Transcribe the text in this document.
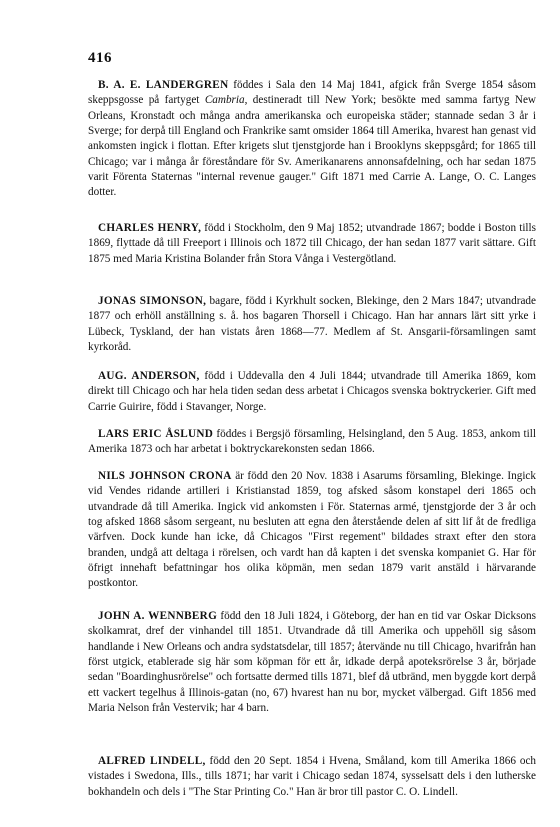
416

B. A. E. LANDERGREN föddes i Sala den 14 Maj 1841, afgick från Sverge 1854 såsom skeppsgosse på fartyget Cambria, destineradt till New York; besökte med samma fartyg New Orleans, Kronstadt och många andra amerikanska och europeiska städer; stannade sedan 3 år i Sverge; for derpå till England och Frankrike samt omsider 1864 till Amerika, hvarest han genast vid ankomsten ingick i flottan. Efter krigets slut tjenstgjorde han i Brooklyns skeppsgård; for 1865 till Chicago; var i många år föreståndare för Sv. Amerikanarens annonsafdelning, och har sedan 1875 varit Förenta Staternas "internal revenue gauger." Gift 1871 med Carrie A. Lange, O. C. Langes dotter.

CHARLES HENRY, född i Stockholm, den 9 Maj 1852; utvandrade 1867; bodde i Boston tills 1869, flyttade då till Freeport i Illinois och 1872 till Chicago, der han sedan 1877 varit sättare. Gift 1875 med Maria Kristina Bolander från Stora Vånga i Vestergötland.

JONAS SIMONSON, bagare, född i Kyrkhult socken, Blekinge, den 2 Mars 1847; utvandrade 1877 och erhöll anställning s. å. hos bagaren Thorsell i Chicago. Han har annars lärt sitt yrke i Lübeck, Tyskland, der han vistats åren 1868—77. Medlem af St. Ansgarii-församlingen samt kyrkoråd.

AUG. ANDERSON, född i Uddevalla den 4 Juli 1844; utvandrade till Amerika 1869, kom direkt till Chicago och har hela tiden sedan dess arbetat i Chicagos svenska boktryckerier. Gift med Carrie Guirire, född i Stavanger, Norge.

LARS ERIC ÅSLUND föddes i Bergsjö församling, Helsingland, den 5 Aug. 1853, ankom till Amerika 1873 och har arbetat i boktryckarekonsten sedan 1866.

NILS JOHNSON CRONA är född den 20 Nov. 1838 i Asarums församling, Blekinge. Ingick vid Vendes ridande artilleri i Kristianstad 1859, tog afsked såsom konstapel deri 1865 och utvandrade då till Amerika. Ingick vid ankomsten i För. Staternas armé, tjenstgjorde der 3 år och tog afsked 1868 såsom sergeant, nu besluten att egna den återstående delen af sitt lif åt de fredliga värfven. Dock kunde han icke, då Chicagos "First regement" bildades straxt efter den stora branden, undgå att deltaga i rörelsen, och vardt han då kapten i det svenska kompaniet G. Har för öfrigt innehaft befattningar hos olika köpmän, men sedan 1879 varit anstäld i härvarande postkontor.

JOHN A. WENNBERG född den 18 Juli 1824, i Göteborg, der han en tid var Oskar Dicksons skolkamrat, dref der vinhandel till 1851. Utvandrade då till Amerika och uppehöll sig såsom handlande i New Orleans och andra sydstatsdelar, till 1857; återvände nu till Chicago, hvarifrån han först utgick, etablerade sig här som köpman för ett år, idkade derpå apoteksrörelse 3 år, började sedan "Boardinghusrörelse" och fortsatte dermed tills 1871, blef då utbränd, men byggde kort derpå ett vackert tegelhus å Illinois-gatan (no, 67) hvarest han nu bor, mycket välbergad. Gift 1856 med Maria Nelson från Vestervik; har 4 barn.

ALFRED LINDELL, född den 20 Sept. 1854 i Hvena, Småland, kom till Amerika 1866 och vistades i Swedona, Ills., tills 1871; har varit i Chicago sedan 1874, sysselsatt dels i den lutherske bokhandeln och dels i "The Star Printing Co." Han är bror till pastor C. O. Lindell.
